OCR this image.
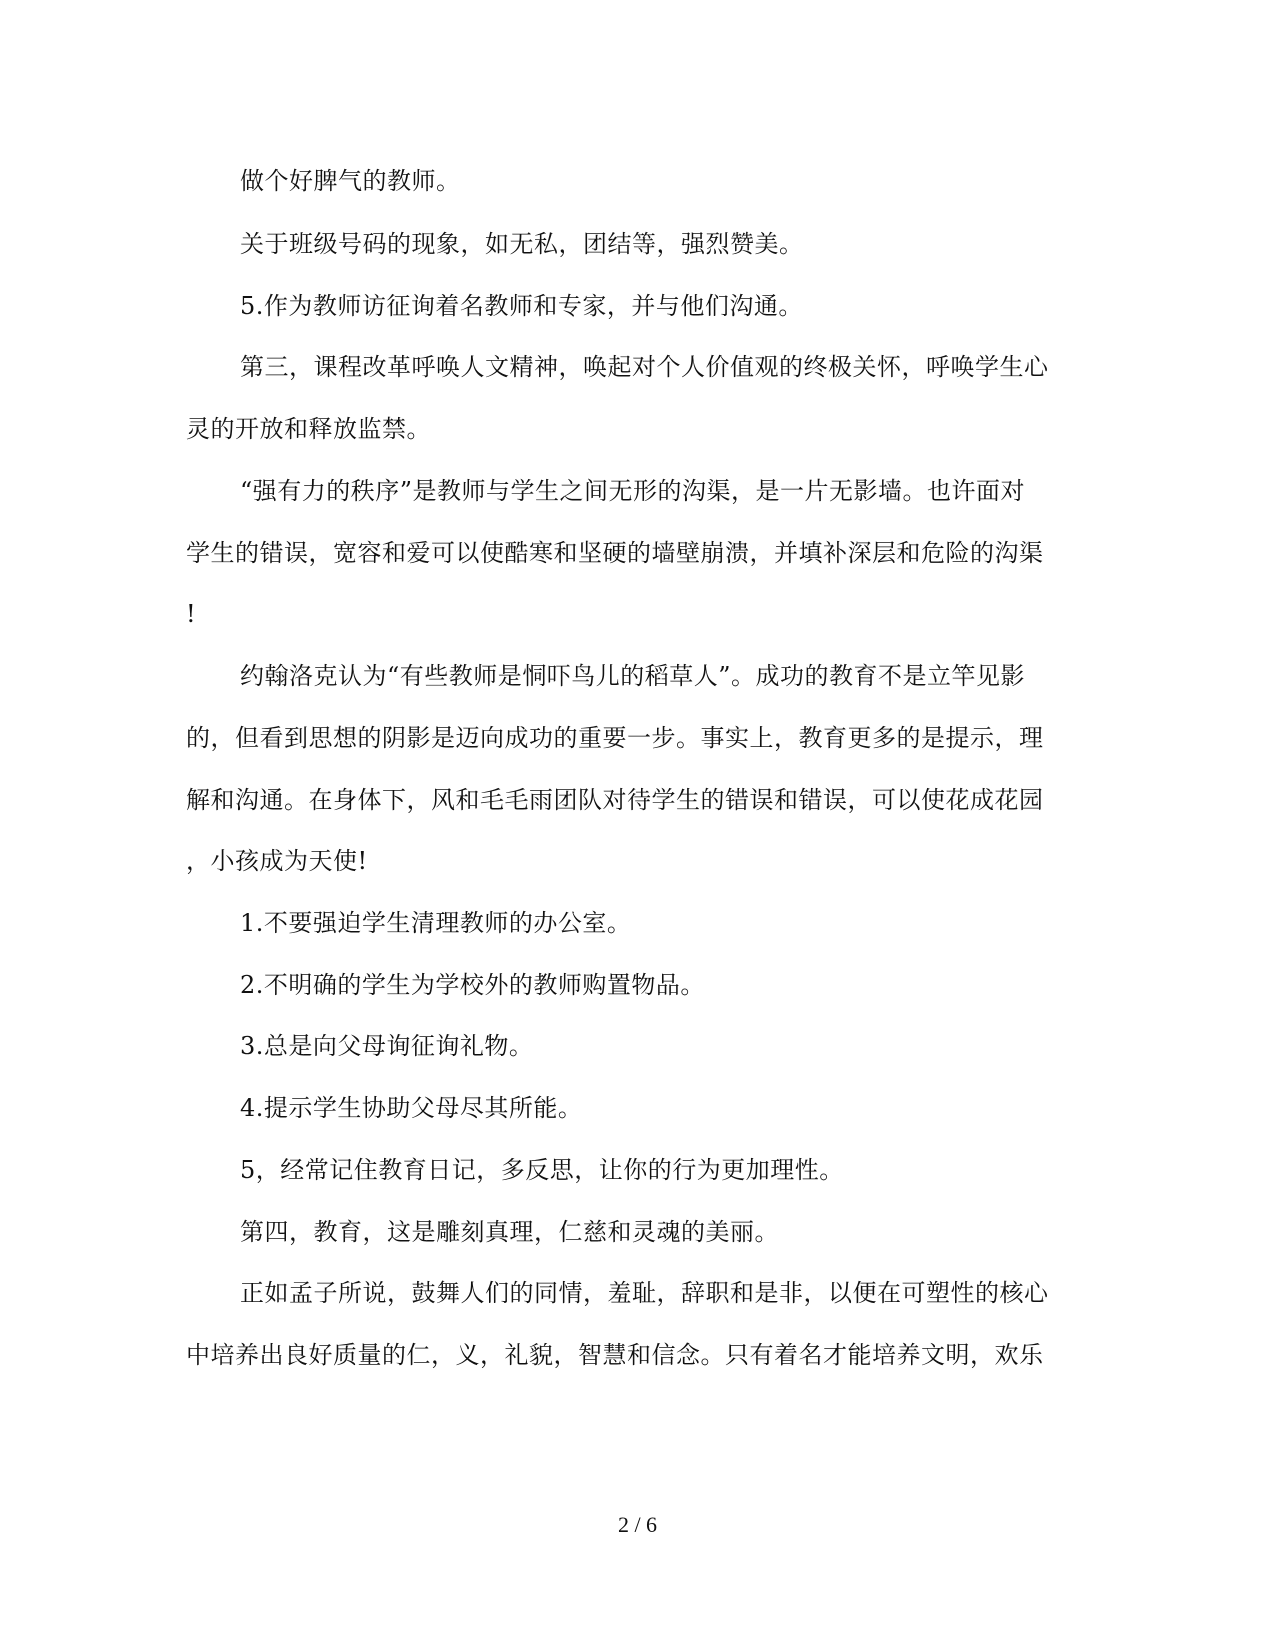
做个好脾气的教师。
关于班级号码的现象，如无私，团结等，强烈赞美。
5.作为教师访征询着名教师和专家，并与他们沟通。
第三，课程改革呼唤人文精神，唤起对个人价值观的终极关怀，呼唤学生心
灵的开放和释放监禁。
“强有力的秩序”是教师与学生之间无形的沟渠，是一片无影墙。也许面对
学生的错误，宽容和爱可以使酷寒和坚硬的墙壁崩溃，并填补深层和危险的沟渠
!
约翰洛克认为“有些教师是恫吓鸟儿的稻草人”。成功的教育不是立竿见影
的，但看到思想的阴影是迈向成功的重要一步。事实上，教育更多的是提示，理
解和沟通。在身体下，风和毛毛雨团队对待学生的错误和错误，可以使花成花园
，小孩成为天使!
1.不要强迫学生清理教师的办公室。
2.不明确的学生为学校外的教师购置物品。
3.总是向父母询征询礼物。
4.提示学生协助父母尽其所能。
5，经常记住教育日记，多反思，让你的行为更加理性。
第四，教育，这是雕刻真理，仁慈和灵魂的美丽。
正如孟子所说，鼓舞人们的同情，羞耻，辞职和是非，以便在可塑性的核心
中培养出良好质量的仁，义，礼貌，智慧和信念。只有着名才能培养文明，欢乐
2 / 6
